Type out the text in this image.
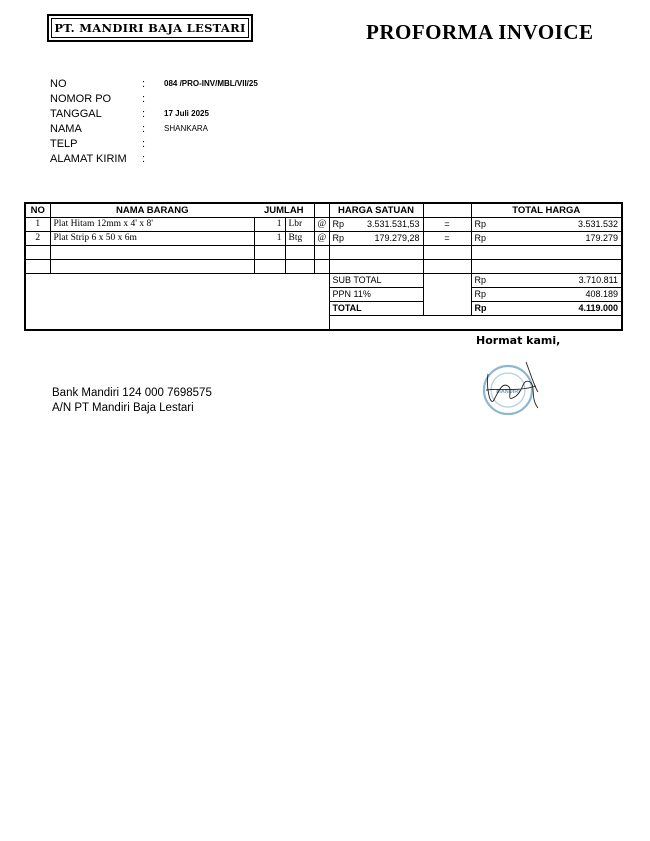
PT. MANDIRI BAJA LESTARI	PROFORMA INVOICE
NO	:	084 /PRO-INV/MBL/VII/25
NOMOR PO	:
TANGGAL	:	17 Juli 2025
NAMA	:	SHANKARA
TELP	:
ALAMAT KIRIM	:
NO	NAMA BARANG	JUMLAH			HARGA SATUAN		TOTAL HARGA
1	Plat Hitam 12mm x 4' x 8'	1	Lbr	@	Rp 3.531.531,53	=	Rp 3.531.532

2	Plat Strip 6 x 50 x 6m	1	Btg	@	Rp 179.279,28	=	Rp 179.279

					SUB TOTAL		Rp 3.710.811

					PPN 11%		Rp 408.189

					TOTAL		Rp 4.119.000

Hormat kami,
MANDIRI
Bank Mandiri 124 000 7698575
A/N PT Mandiri Baja Lestari
